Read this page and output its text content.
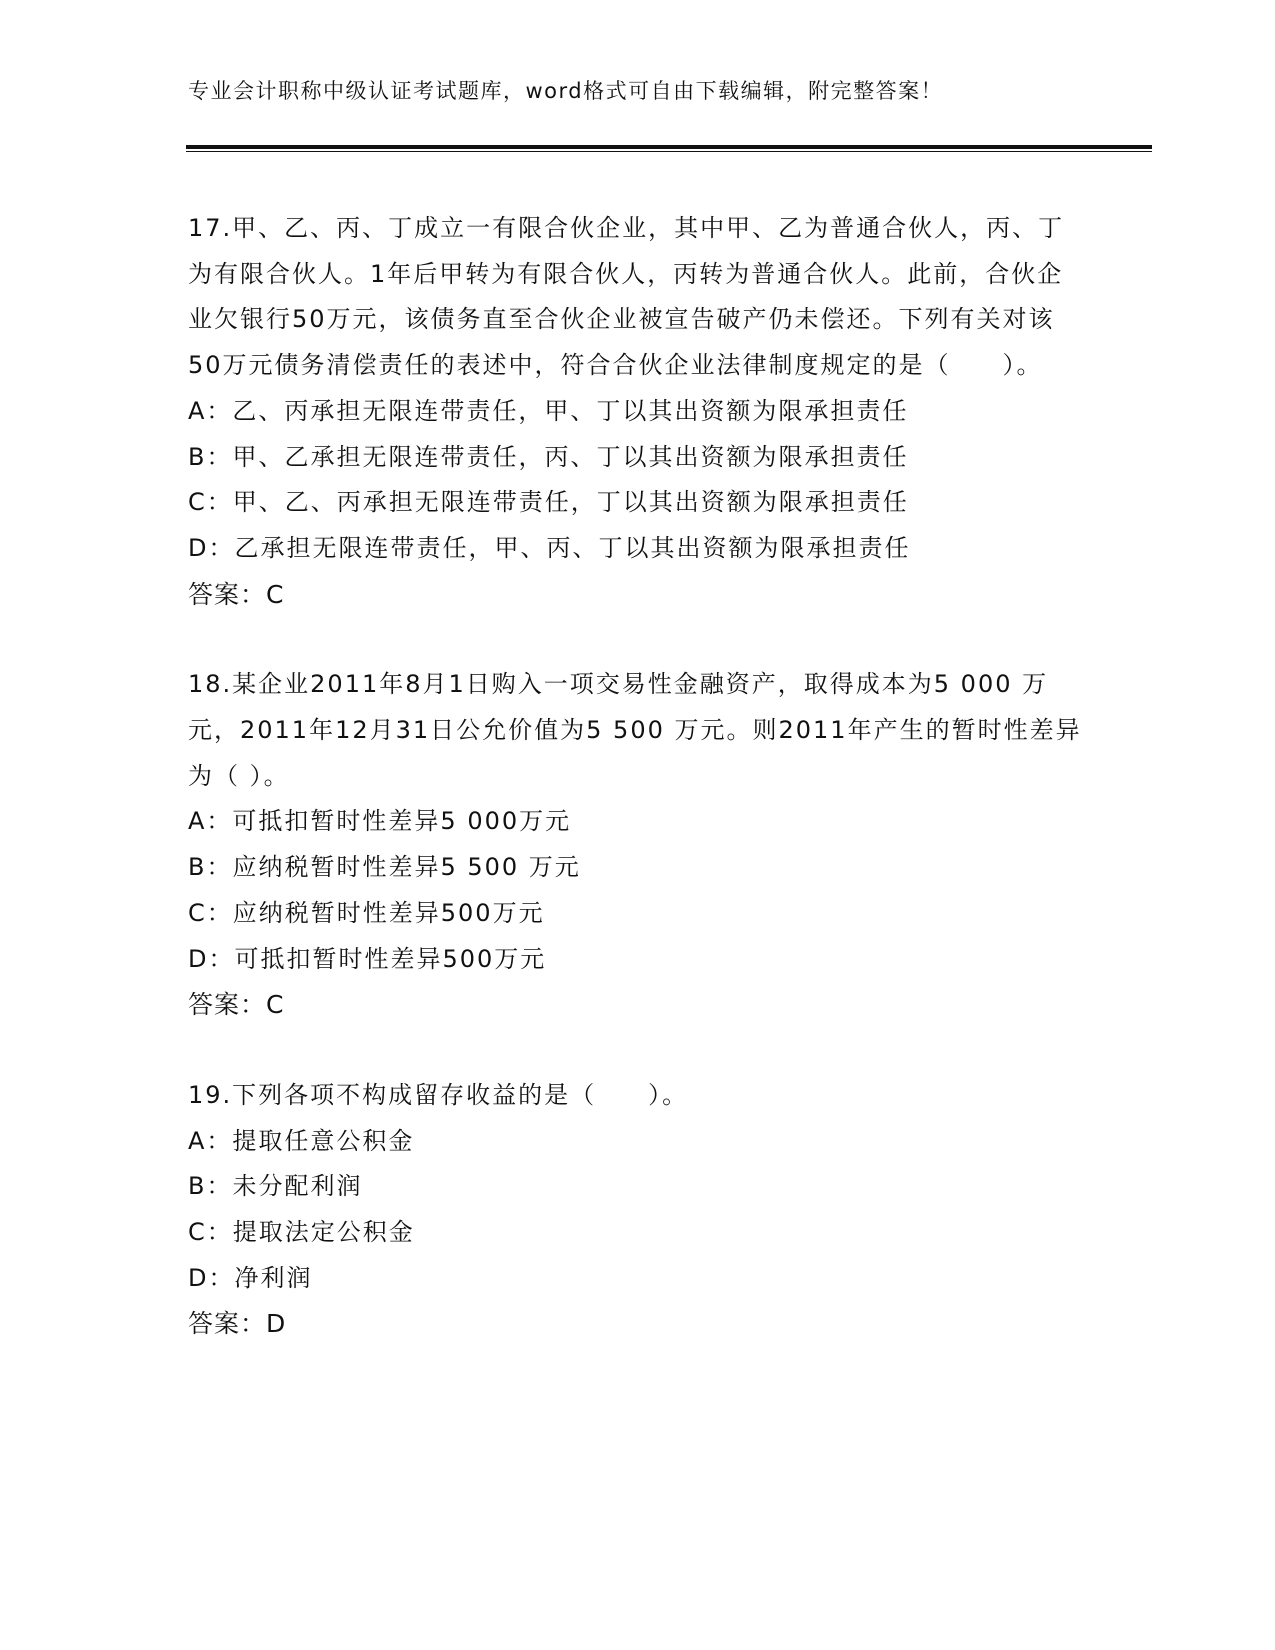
专业会计职称中级认证考试题库，word格式可自由下载编辑，附完整答案！

17.甲、乙、丙、丁成立一有限合伙企业，其中甲、乙为普通合伙人，丙、丁为有限合伙人。1年后甲转为有限合伙人，丙转为普通合伙人。此前，合伙企业欠银行50万元，该债务直至合伙企业被宣告破产仍未偿还。下列有关对该50万元债务清偿责任的表述中，符合合伙企业法律制度规定的是（　　）。

A：乙、丙承担无限连带责任，甲、丁以其出资额为限承担责任

B：甲、乙承担无限连带责任，丙、丁以其出资额为限承担责任

C：甲、乙、丙承担无限连带责任，丁以其出资额为限承担责任

D：乙承担无限连带责任，甲、丙、丁以其出资额为限承担责任

答案：C

18.某企业2011年8月1日购入一项交易性金融资产，取得成本为5 000 万元，2011年12月31日公允价值为5 500 万元。则2011年产生的暂时性差异为（ ）。

A：可抵扣暂时性差异5 000万元

B：应纳税暂时性差异5 500 万元

C：应纳税暂时性差异500万元

D：可抵扣暂时性差异500万元

答案：C

19.下列各项不构成留存收益的是（　　）。

A：提取任意公积金

B：未分配利润

C：提取法定公积金

D：净利润

答案：D
